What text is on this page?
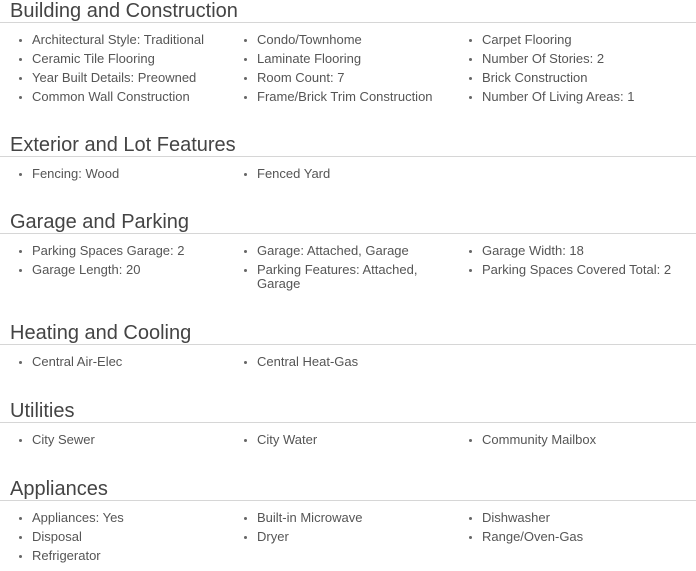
Building and Construction
Architectural Style: Traditional
Ceramic Tile Flooring
Year Built Details: Preowned
Common Wall Construction
Condo/Townhome
Laminate Flooring
Room Count: 7
Frame/Brick Trim Construction
Carpet Flooring
Number Of Stories: 2
Brick Construction
Number Of Living Areas: 1
Exterior and Lot Features
Fencing: Wood	Fenced Yard
Garage and Parking
Parking Spaces Garage: 2
Garage Length: 20
Garage: Attached, Garage
Parking Features: Attached, Garage
Garage Width: 18
Parking Spaces Covered Total: 2
Heating and Cooling
Central Air-Elec	Central Heat-Gas
Utilities
City Sewer	City Water	Community Mailbox
Appliances
Appliances: Yes
Disposal
Refrigerator
Built-in Microwave
Dryer
Dishwasher
Range/Oven-Gas
